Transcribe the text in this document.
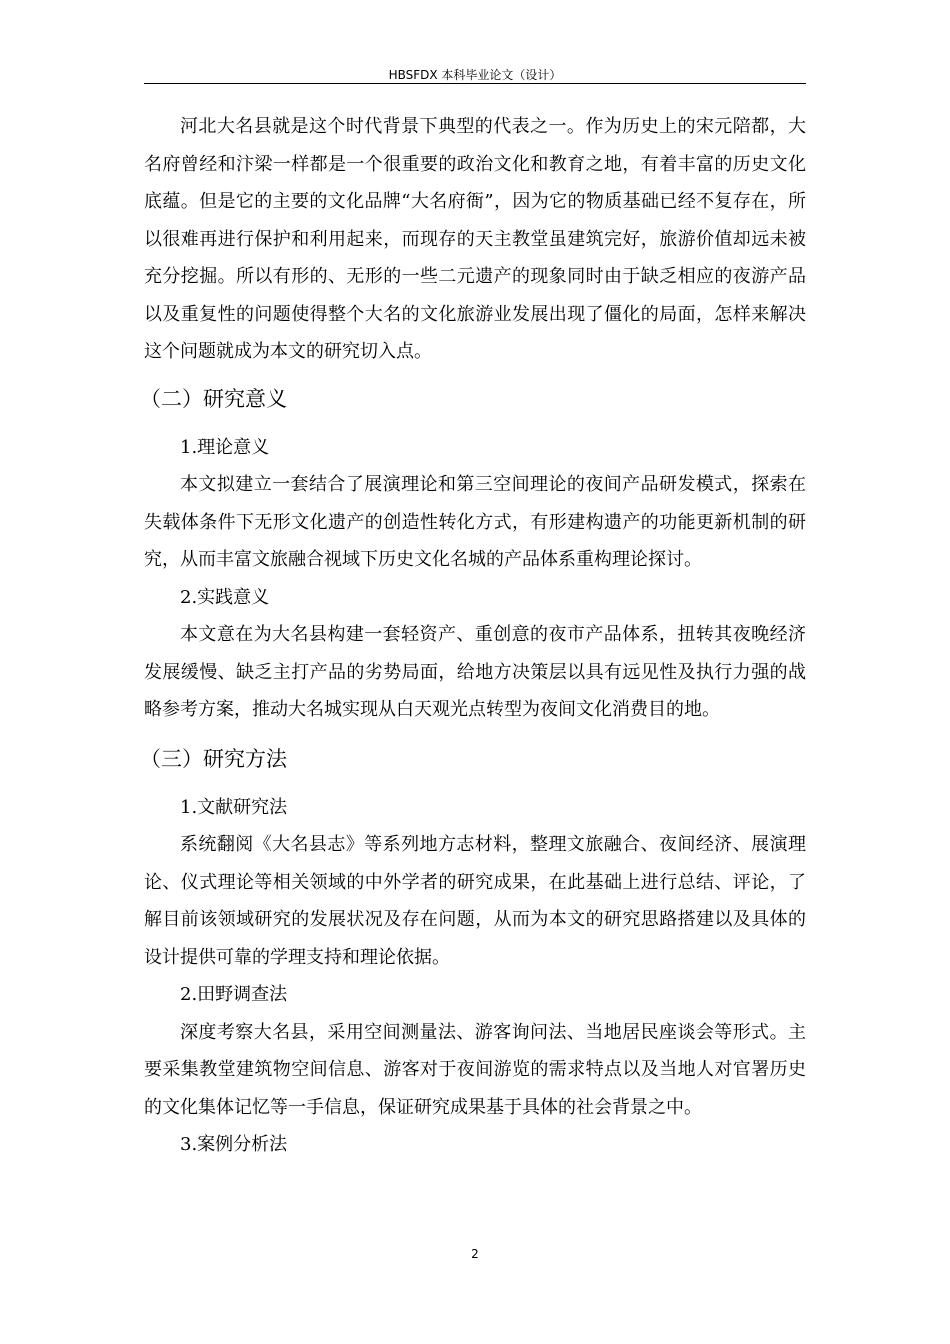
HBSFDX 本科毕业论文（设计）

河北大名县就是这个时代背景下典型的代表之一。作为历史上的宋元陪都，大名府曾经和汴梁一样都是一个很重要的政治文化和教育之地，有着丰富的历史文化底蕴。但是它的主要的文化品牌“大名府衙”，因为它的物质基础已经不复存在，所以很难再进行保护和利用起来，而现存的天主教堂虽建筑完好，旅游价值却远未被充分挖掘。所以有形的、无形的一些二元遗产的现象同时由于缺乏相应的夜游产品以及重复性的问题使得整个大名的文化旅游业发展出现了僵化的局面，怎样来解决这个问题就成为本文的研究切入点。

（二）研究意义
1.理论意义

本文拟建立一套结合了展演理论和第三空间理论的夜间产品研发模式，探索在失载体条件下无形文化遗产的创造性转化方式，有形建构遗产的功能更新机制的研究，从而丰富文旅融合视域下历史文化名城的产品体系重构理论探讨。

2.实践意义

本文意在为大名县构建一套轻资产、重创意的夜市产品体系，扭转其夜晚经济发展缓慢、缺乏主打产品的劣势局面，给地方决策层以具有远见性及执行力强的战略参考方案，推动大名城实现从白天观光点转型为夜间文化消费目的地。

（三）研究方法
1.文献研究法

系统翻阅《大名县志》等系列地方志材料，整理文旅融合、夜间经济、展演理论、仪式理论等相关领域的中外学者的研究成果，在此基础上进行总结、评论，了解目前该领域研究的发展状况及存在问题，从而为本文的研究思路搭建以及具体的设计提供可靠的学理支持和理论依据。

2.田野调查法

深度考察大名县，采用空间测量法、游客询问法、当地居民座谈会等形式。主要采集教堂建筑物空间信息、游客对于夜间游览的需求特点以及当地人对官署历史的文化集体记忆等一手信息，保证研究成果基于具体的社会背景之中。

3.案例分析法
2
